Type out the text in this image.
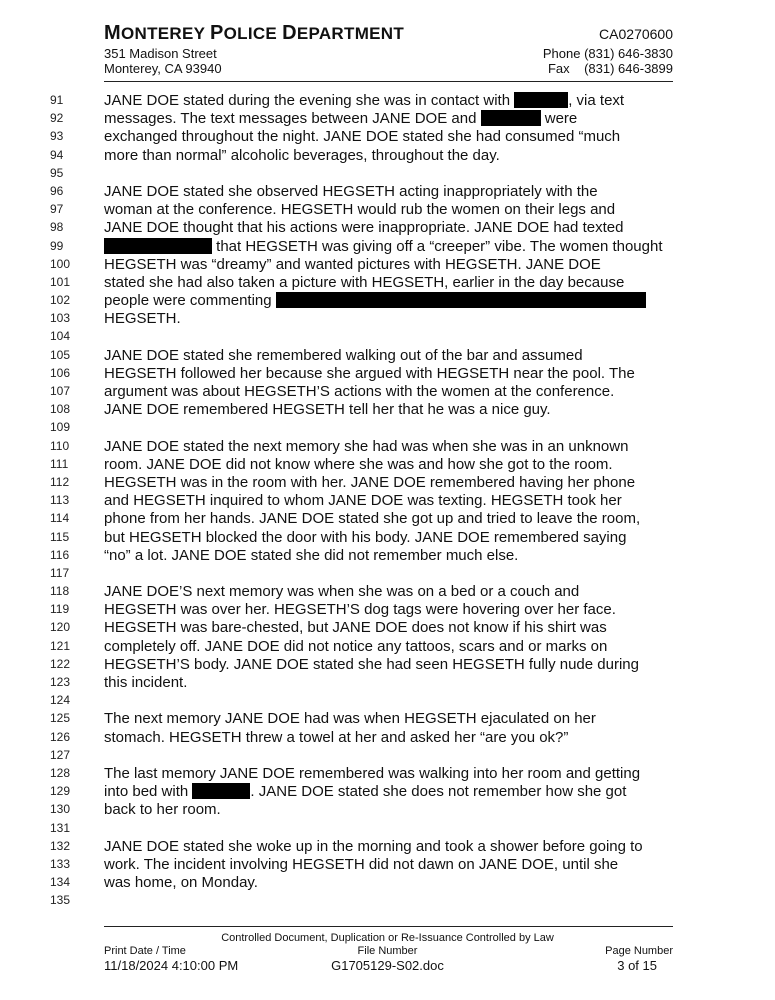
MONTEREY POLICE DEPARTMENT	CA0270600
351 Madison Street
Monterey, CA 93940
Phone (831) 646-3830
Fax    (831) 646-3899
91	JANE DOE stated during the evening she was in contact with	, via text
92	messages. The text messages between JANE DOE and	were
93	exchanged throughout the night. JANE DOE stated she had consumed “much
94	more than normal” alcoholic beverages, throughout the day.
95
96	JANE DOE stated she observed HEGSETH acting inappropriately with the
97	woman at the conference. HEGSETH would rub the women on their legs and
98	JANE DOE thought that his actions were inappropriate. JANE DOE had texted
99	that HEGSETH was giving off a “creeper” vibe. The women thought
100	HEGSETH was “dreamy” and wanted pictures with HEGSETH. JANE DOE
101	stated she had also taken a picture with HEGSETH, earlier in the day because
102	people were commenting
103	HEGSETH.
104
105	JANE DOE stated she remembered walking out of the bar and assumed
106	HEGSETH followed her because she argued with HEGSETH near the pool. The
107	argument was about HEGSETH’S actions with the women at the conference.
108	JANE DOE remembered HEGSETH tell her that he was a nice guy.
109
110	JANE DOE stated the next memory she had was when she was in an unknown
111	room. JANE DOE did not know where she was and how she got to the room.
112	HEGSETH was in the room with her. JANE DOE remembered having her phone
113	and HEGSETH inquired to whom JANE DOE was texting. HEGSETH took her
114	phone from her hands. JANE DOE stated she got up and tried to leave the room,
115	but HEGSETH blocked the door with his body. JANE DOE remembered saying
116	“no” a lot. JANE DOE stated she did not remember much else.
117
118	JANE DOE’S next memory was when she was on a bed or a couch and
119	HEGSETH was over her. HEGSETH’S dog tags were hovering over her face.
120	HEGSETH was bare-chested, but JANE DOE does not know if his shirt was
121	completely off. JANE DOE did not notice any tattoos, scars and or marks on
122	HEGSETH’S body. JANE DOE stated she had seen HEGSETH fully nude during
123	this incident.
124
125	The next memory JANE DOE had was when HEGSETH ejaculated on her
126	stomach. HEGSETH threw a towel at her and asked her “are you ok?”
127
128	The last memory JANE DOE remembered was walking into her room and getting
129	into bed with	. JANE DOE stated she does not remember how she got
130	back to her room.
131
132	JANE DOE stated she woke up in the morning and took a shower before going to
133	work. The incident involving HEGSETH did not dawn on JANE DOE, until she
134	was home, on Monday.
135
Controlled Document, Duplication or Re-Issuance Controlled by Law
Print Date / Time
11/18/2024 4:10:00 PM
File Number
G1705129-S02.doc
Page Number
3 of 15
